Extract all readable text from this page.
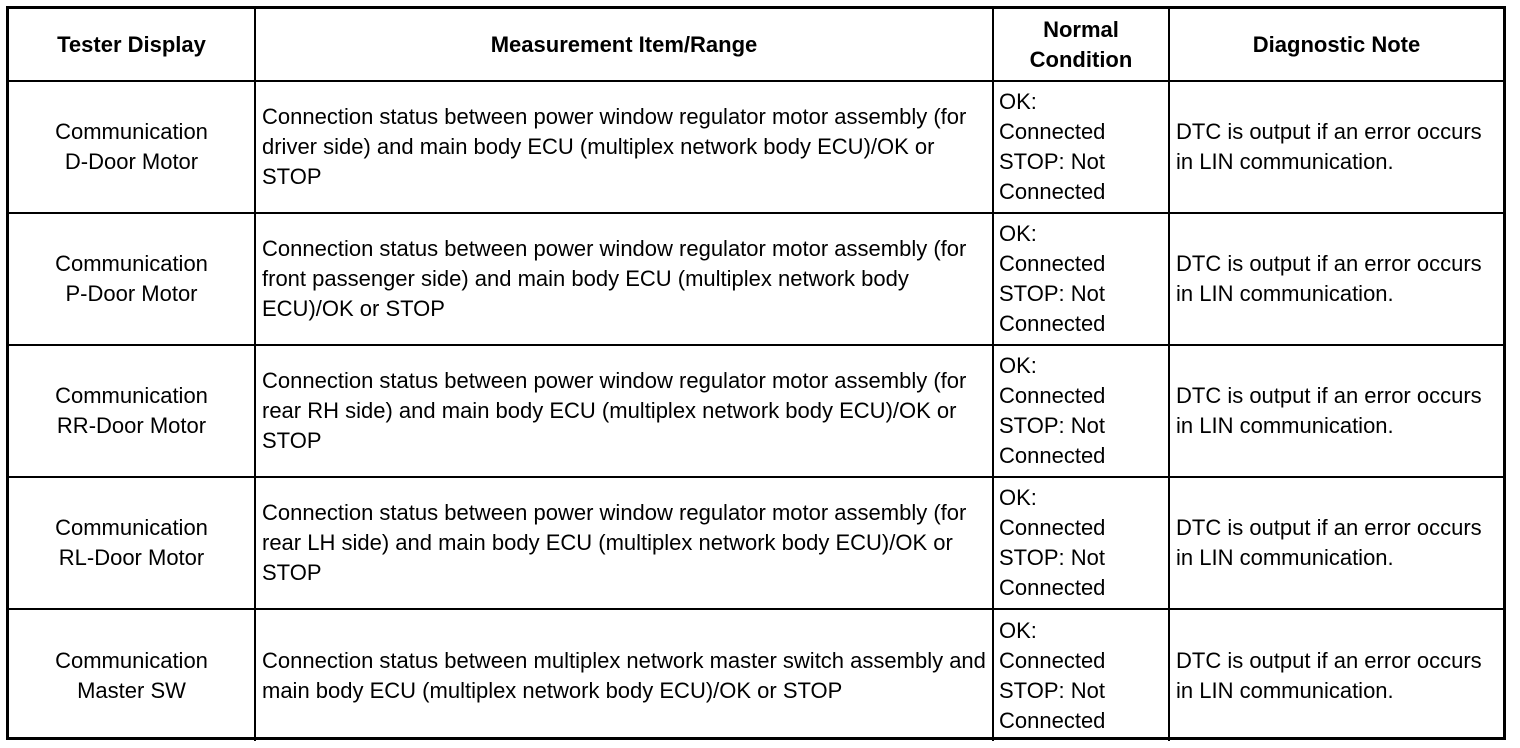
Tester Display	Measurement Item/Range	Normal
Condition	Diagnostic Note

Communication
D-Door Motor	Connection status between power window regulator motor assembly (for driver side) and main body ECU (multiplex network body ECU)/OK or STOP	OK:
Connected
STOP: Not
Connected	DTC is output if an error occurs in LIN communication.

Communication
P-Door Motor	Connection status between power window regulator motor assembly (for front passenger side) and main body ECU (multiplex network body ECU)/OK or STOP	OK:
Connected
STOP: Not
Connected	DTC is output if an error occurs in LIN communication.

Communication
RR-Door Motor	Connection status between power window regulator motor assembly (for rear RH side) and main body ECU (multiplex network body ECU)/OK or STOP	OK:
Connected
STOP: Not
Connected	DTC is output if an error occurs in LIN communication.

Communication
RL-Door Motor	Connection status between power window regulator motor assembly (for rear LH side) and main body ECU (multiplex network body ECU)/OK or STOP	OK:
Connected
STOP: Not
Connected	DTC is output if an error occurs in LIN communication.

Communication
Master SW	Connection status between multiplex network master switch assembly and main body ECU (multiplex network body ECU)/OK or STOP	OK:
Connected
STOP: Not
Connected	DTC is output if an error occurs in LIN communication.
